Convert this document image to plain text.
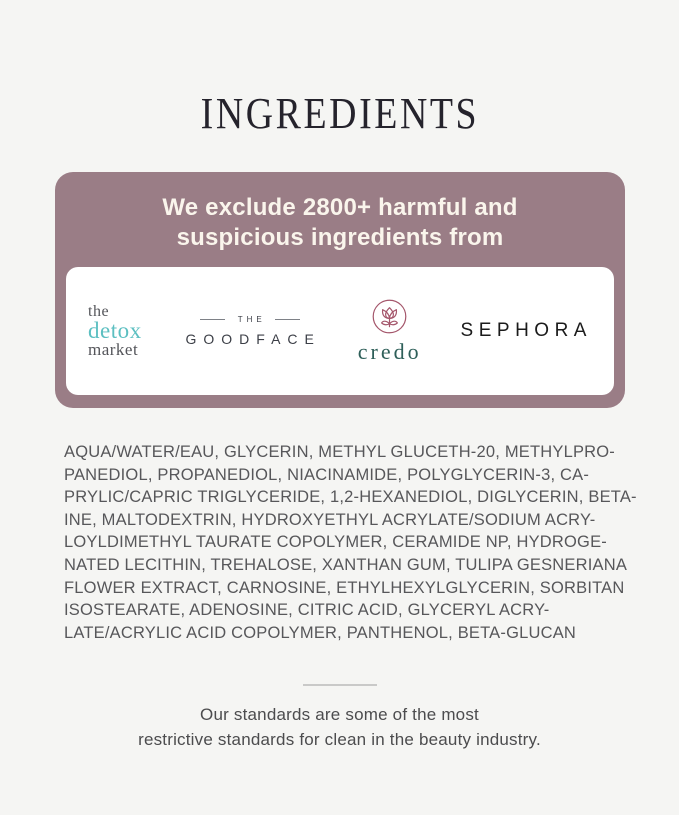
INGREDIENTS
We exclude 2800+ harmful and
suspicious ingredients from
the
detox
market
THE
GOODFACE credo
SEPHORA
AQUA/WATER/EAU, GLYCERIN, METHYL GLUCETH-20, METHYLPRO-
PANEDIOL, PROPANEDIOL, NIACINAMIDE, POLYGLYCERIN-3, CA-
PRYLIC/CAPRIC TRIGLYCERIDE, 1,2-HEXANEDIOL, DIGLYCERIN, BETA-
INE, MALTODEXTRIN, HYDROXYETHYL ACRYLATE/SODIUM ACRY-
LOYLDIMETHYL TAURATE COPOLYMER, CERAMIDE NP, HYDROGE-
NATED LECITHIN, TREHALOSE, XANTHAN GUM, TULIPA GESNERIANA
FLOWER EXTRACT, CARNOSINE, ETHYLHEXYLGLYCERIN, SORBITAN
ISOSTEARATE, ADENOSINE, CITRIC ACID, GLYCERYL ACRY-
LATE/ACRYLIC ACID COPOLYMER, PANTHENOL, BETA-GLUCAN
Our standards are some of the most
restrictive standards for clean in the beauty industry.
